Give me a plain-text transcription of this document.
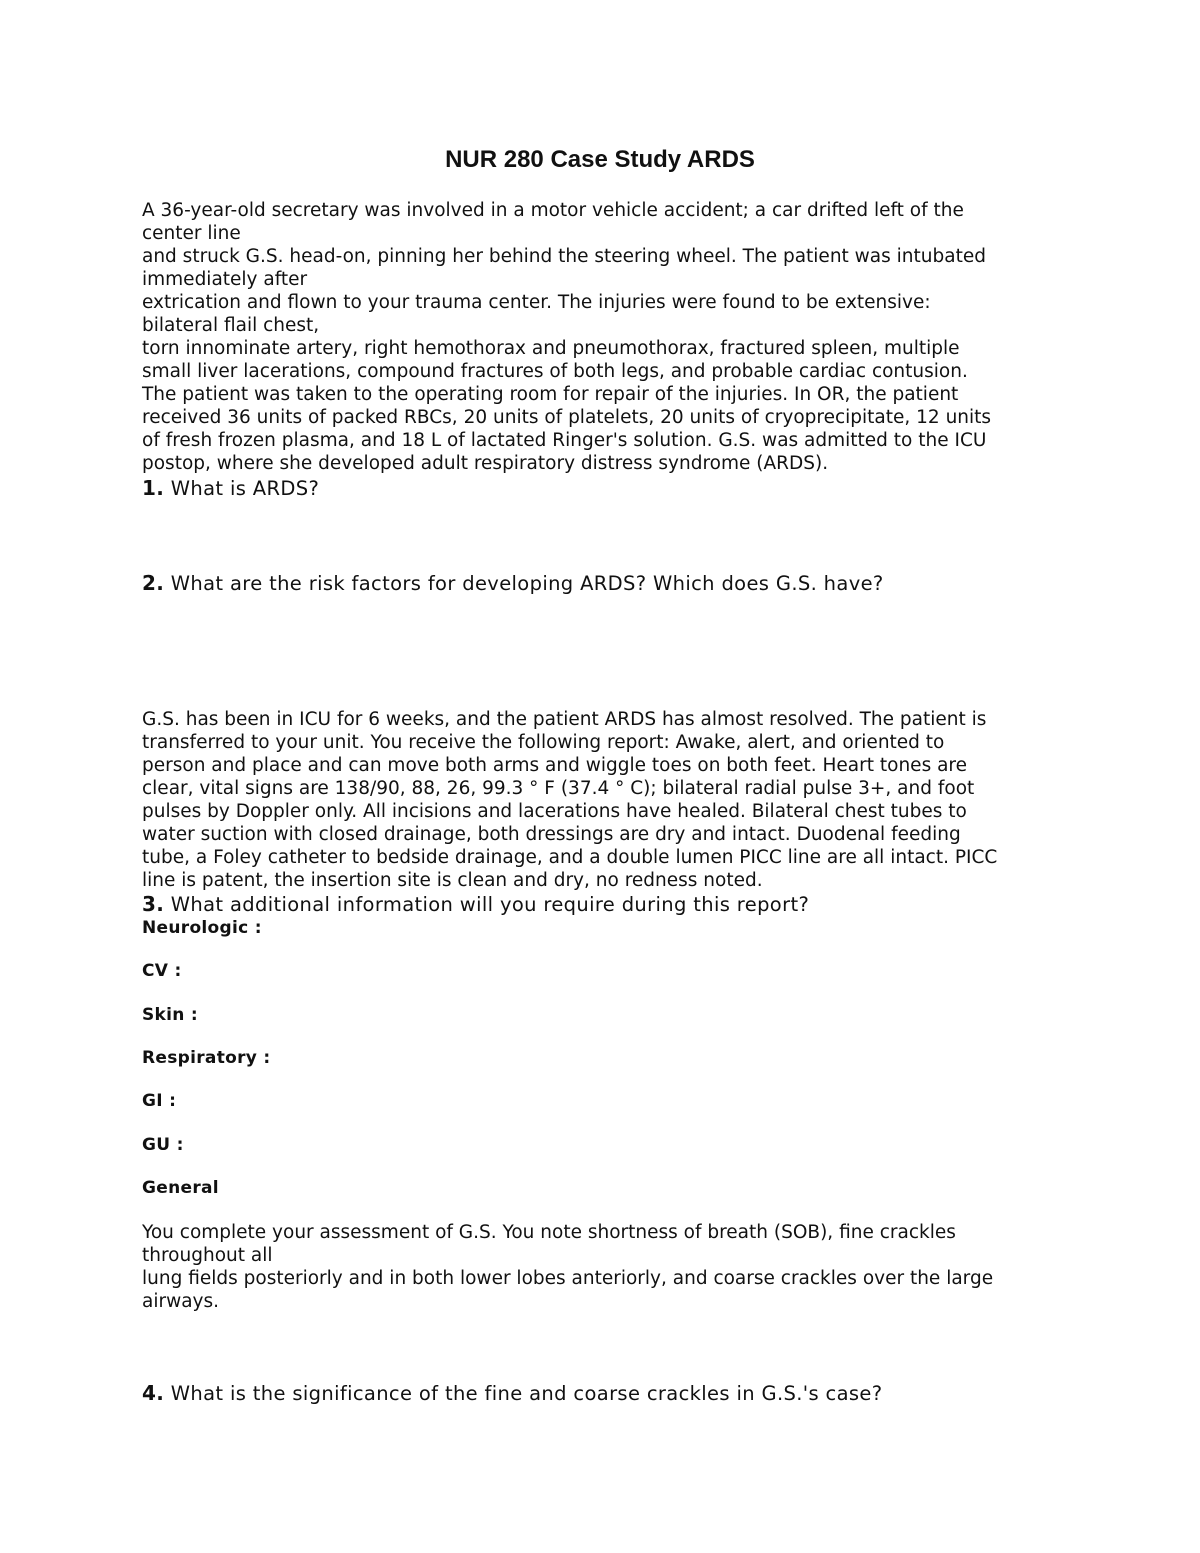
NUR 280 Case Study ARDS
A 36-year-old secretary was involved in a motor vehicle accident; a car drifted left of the
center line
and struck G.S. head-on, pinning her behind the steering wheel. The patient was intubated
immediately after
extrication and flown to your trauma center. The injuries were found to be extensive:
bilateral flail chest,
torn innominate artery, right hemothorax and pneumothorax, fractured spleen, multiple
small liver lacerations, compound fractures of both legs, and probable cardiac contusion.
The patient was taken to the operating room for repair of the injuries. In OR, the patient
received 36 units of packed RBCs, 20 units of platelets, 20 units of cryoprecipitate, 12 units
of fresh frozen plasma, and 18 L of lactated Ringer's solution. G.S. was admitted to the ICU
postop, where she developed adult respiratory distress syndrome (ARDS).
1. What is ARDS?
2. What are the risk factors for developing ARDS? Which does G.S. have?
G.S. has been in ICU for 6 weeks, and the patient ARDS has almost resolved. The patient is
transferred to your unit. You receive the following report: Awake, alert, and oriented to
person and place and can move both arms and wiggle toes on both feet. Heart tones are
clear, vital signs are 138/90, 88, 26, 99.3 ° F (37.4 ° C); bilateral radial pulse 3+, and foot
pulses by Doppler only. All incisions and lacerations have healed. Bilateral chest tubes to
water suction with closed drainage, both dressings are dry and intact. Duodenal feeding
tube, a Foley catheter to bedside drainage, and a double lumen PICC line are all intact. PICC
line is patent, the insertion site is clean and dry, no redness noted.
3. What additional information will you require during this report?
Neurologic :
CV :
Skin :
Respiratory :
GI :
GU :
General
You complete your assessment of G.S. You note shortness of breath (SOB), fine crackles
throughout all
lung fields posteriorly and in both lower lobes anteriorly, and coarse crackles over the large
airways.
4. What is the significance of the fine and coarse crackles in G.S.'s case?
